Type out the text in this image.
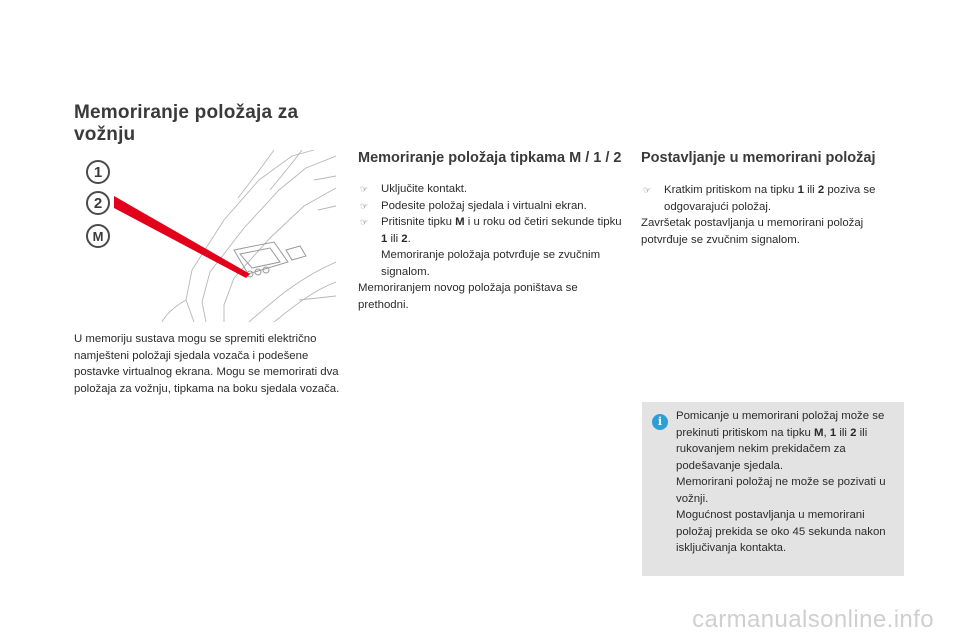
Memoriranje položaja za vožnju
1
2
M

U memoriju sustava mogu se spremiti električno namješteni položaji sjedala vozača i podešene postavke virtualnog ekrana. Mogu se memorirati dva položaja za vožnju, tipkama na boku sjedala vozača.

Memoriranje položaja tipkama M / 1 / 2
☞ Uključite kontakt.
☞ Podesite položaj sjedala i virtualni ekran.
☞ Pritisnite tipku M i u roku od četiri sekunde tipku 1 ili 2.
Memoriranje položaja potvrđuje se zvučnim signalom.

Memoriranjem novog položaja poništava se prethodni.

Postavljanje u memorirani položaj
☞ Kratkim pritiskom na tipku 1 ili 2 poziva se odgovarajući položaj.

Završetak postavljanja u memorirani položaj potvrđuje se zvučnim signalom.

i	Pomicanje u memorirani položaj može se prekinuti pritiskom na tipku M, 1 ili 2 ili rukovanjem nekim prekidačem za podešavanje sjedala.

Memorirani položaj ne može se pozivati u vožnji.

Mogućnost postavljanja u memorirani položaj prekida se oko 45 sekunda nakon isključivanja kontakta.

carmanualsonline.info
